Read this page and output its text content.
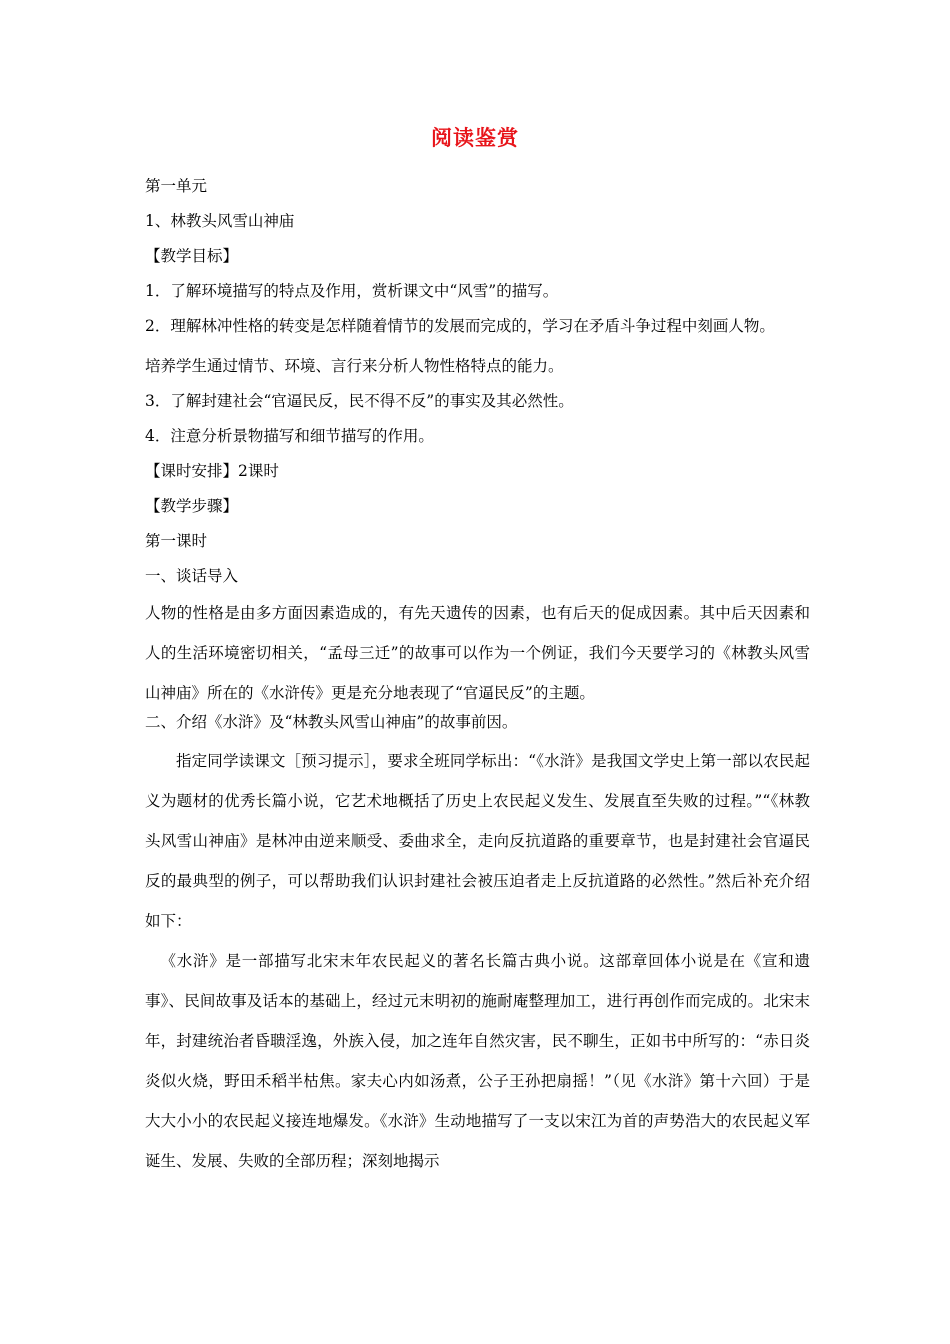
阅读鉴赏
第一单元
1、林教头风雪山神庙
【教学目标】
1．了解环境描写的特点及作用，赏析课文中“风雪”的描写。
2．理解林冲性格的转变是怎样随着情节的发展而完成的，学习在矛盾斗争过程中刻画人物。
培养学生通过情节、环境、言行来分析人物性格特点的能力。
3．了解封建社会“官逼民反，民不得不反”的事实及其必然性。
4．注意分析景物描写和细节描写的作用。
【课时安排】2课时
【教学步骤】
第一课时
一、谈话导入
人物的性格是由多方面因素造成的，有先天遗传的因素，也有后天的促成因素。其中后天因素和人的生活环境密切相关，“孟母三迁”的故事可以作为一个例证，我们今天要学习的《林教头风雪山神庙》所在的《水浒传》更是充分地表现了“官逼民反”的主题。
二、介绍《水浒》及“林教头风雪山神庙”的故事前因。
指定同学读课文［预习提示］，要求全班同学标出：“《水浒》是我国文学史上第一部以农民起义为题材的优秀长篇小说，它艺术地概括了历史上农民起义发生、发展直至失败的过程。”“《林教头风雪山神庙》是林冲由逆来顺受、委曲求全，走向反抗道路的重要章节，也是封建社会官逼民反的最典型的例子，可以帮助我们认识封建社会被压迫者走上反抗道路的必然性。”然后补充介绍如下：
《水浒》是一部描写北宋末年农民起义的著名长篇古典小说。这部章回体小说是在《宣和遗事》、民间故事及话本的基础上，经过元末明初的施耐庵整理加工，进行再创作而完成的。北宋末年，封建统治者昏聩淫逸，外族入侵，加之连年自然灾害，民不聊生，正如书中所写的：“赤日炎炎似火烧，野田禾稻半枯焦。家夫心内如汤煮，公子王孙把扇摇！”（见《水浒》第十六回）于是大大小小的农民起义接连地爆发。《水浒》生动地描写了一支以宋江为首的声势浩大的农民起义军诞生、发展、失败的全部历程；深刻地揭示
